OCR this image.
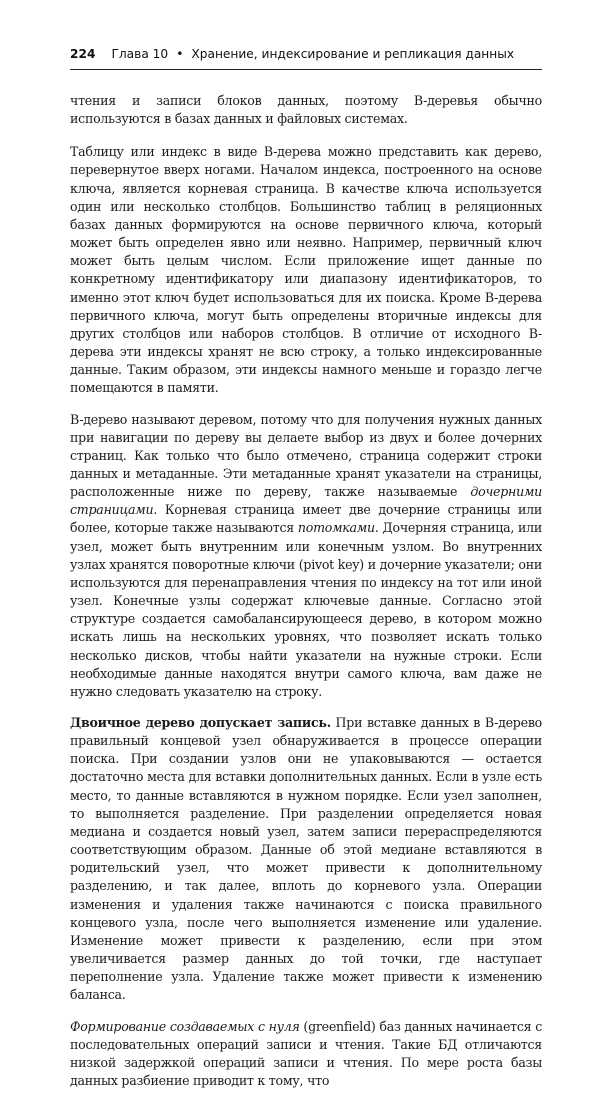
224 Глава 10 • Хранение, индексирование и репликация данных

чтения и записи блоков данных, поэтому B-деревья обычно используются в базах данных и файловых системах.

Таблицу или индекс в виде B-дерева можно представить как дерево, перевернутое вверх ногами. Началом индекса, построенного на основе ключа, является корневая страница. В качестве ключа используется один или несколько столбцов. Большинство таблиц в реляционных базах данных формируются на основе первичного ключа, который может быть определен явно или неявно. Например, первичный ключ может быть целым числом. Если приложение ищет данные по конкретному идентификатору или диапазону идентификаторов, то именно этот ключ будет использоваться для их поиска. Кроме B-дерева первичного ключа, могут быть определены вторичные индексы для других столбцов или наборов столбцов. В отличие от исходного B-дерева эти индексы хранят не всю строку, а только индексированные данные. Таким образом, эти индексы намного меньше и гораздо легче помещаются в памяти.

B-дерево называют деревом, потому что для получения нужных данных при навигации по дереву вы делаете выбор из двух и более дочерних страниц. Как только что было отмечено, страница содержит строки данных и метаданные. Эти метаданные хранят указатели на страницы, расположенные ниже по дереву, также называемые дочерними страницами. Корневая страница имеет две дочерние страницы или более, которые также называются потомками. Дочерняя страница, или узел, может быть внутренним или конечным узлом. Во внутренних узлах хранятся поворотные ключи (pivot key) и дочерние указатели; они используются для перенаправления чтения по индексу на тот или иной узел. Конечные узлы содержат ключевые данные. Согласно этой структуре создается самобалансирующееся дерево, в котором можно искать лишь на нескольких уровнях, что позволяет искать только несколько дисков, чтобы найти указатели на нужные строки. Если необходимые данные находятся внутри самого ключа, вам даже не нужно следовать указателю на строку.

Двоичное дерево допускает запись. При вставке данных в B-дерево правильный концевой узел обнаруживается в процессе операции поиска. При создании узлов они не упаковываются — остается достаточно места для вставки дополнительных данных. Если в узле есть место, то данные вставляются в нужном порядке. Если узел заполнен, то выполняется разделение. При разделении определяется новая медиана и создается новый узел, затем записи перераспределяются соответствующим образом. Данные об этой медиане вставляются в родительский узел, что может привести к дополнительному разделению, и так далее, вплоть до корневого узла. Операции изменения и удаления также начинаются с поиска правильного концевого узла, после чего выполняется изменение или удаление. Изменение может привести к разделению, если при этом увеличивается размер данных до той точки, где наступает переполнение узла. Удаление также может привести к изменению баланса.

Формирование создаваемых с нуля (greenfield) баз данных начинается с последовательных операций записи и чтения. Такие БД отличаются низкой задержкой операций записи и чтения. По мере роста базы данных разбиение приводит к тому, что
